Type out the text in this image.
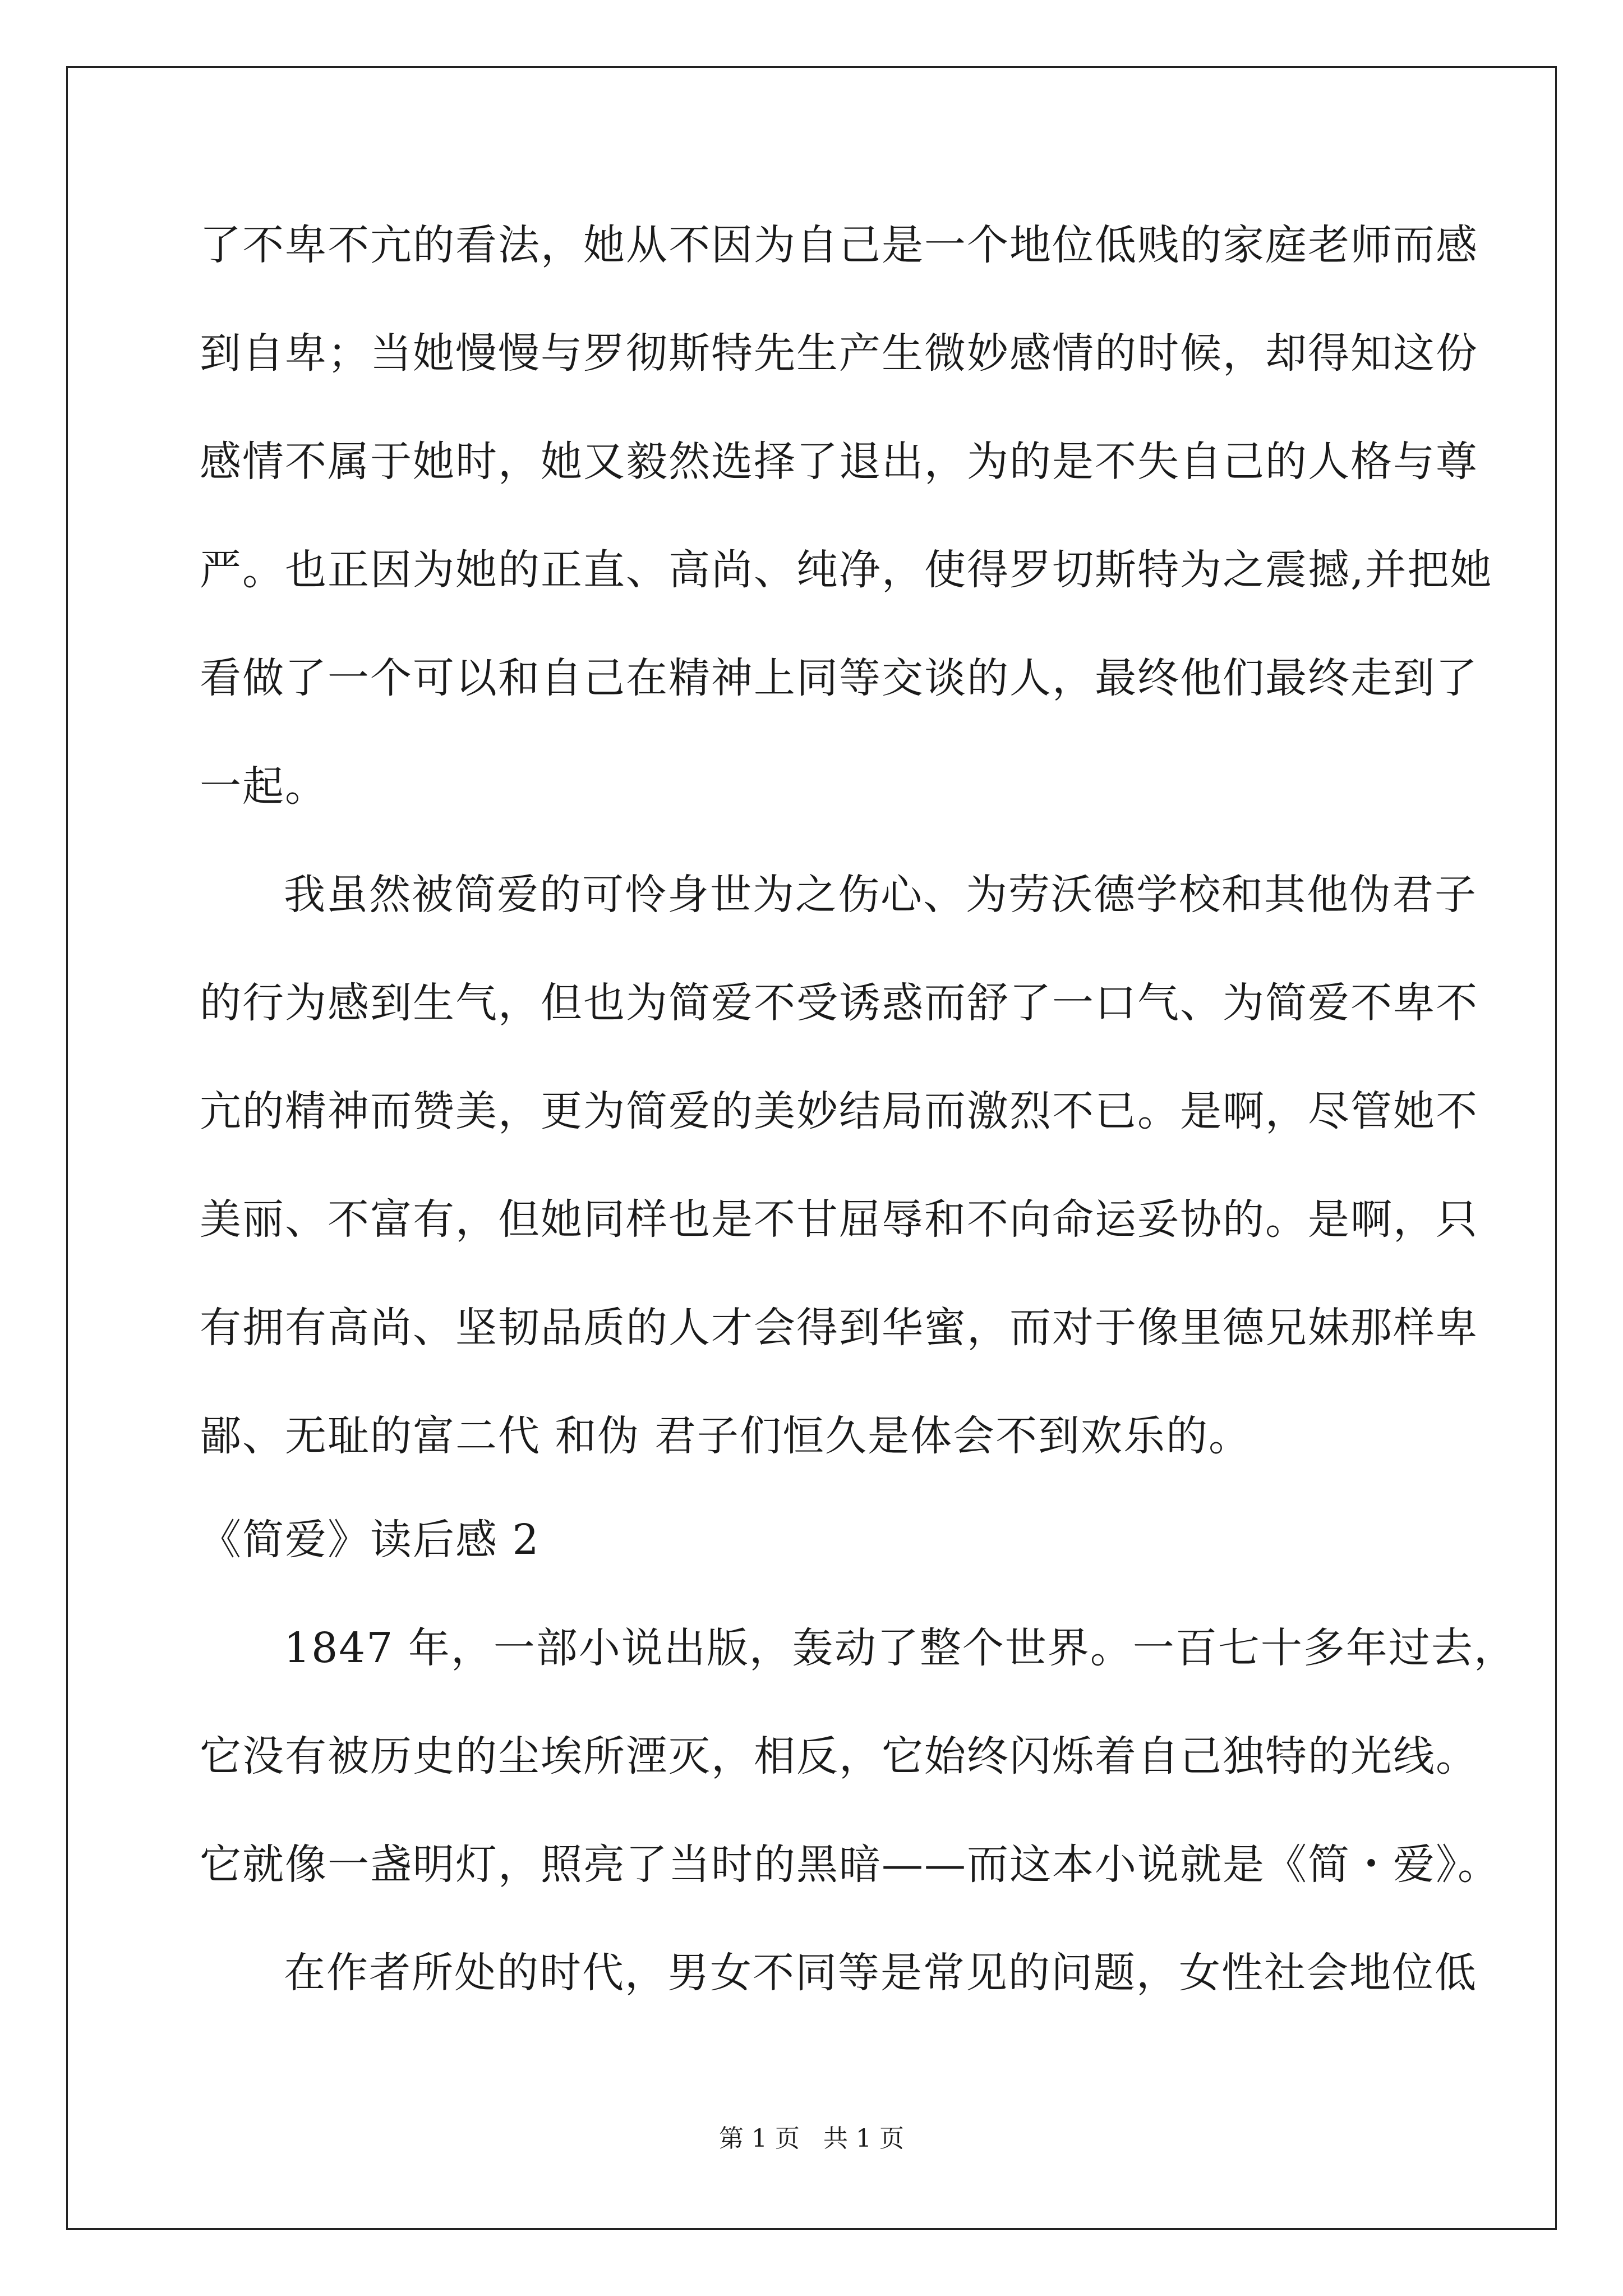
了不卑不亢的看法，她从不因为自己是一个地位低贱的家庭老师而感
到自卑；当她慢慢与罗彻斯特先生产生微妙感情的时候，却得知这份
感情不属于她时，她又毅然选择了退出，为的是不失自己的人格与尊
严。也正因为她的正直、高尚、纯净，使得罗切斯特为之震撼,并把她
看做了一个可以和自己在精神上同等交谈的人，最终他们最终走到了
一起。
我虽然被简爱的可怜身世为之伤心、为劳沃德学校和其他伪君子
的行为感到生气，但也为简爱不受诱惑而舒了一口气、为简爱不卑不
亢的精神而赞美，更为简爱的美妙结局而激烈不已。是啊，尽管她不
美丽、不富有，但她同样也是不甘屈辱和不向命运妥协的。是啊，只
有拥有高尚、坚韧品质的人才会得到华蜜，而对于像里德兄妹那样卑
鄙、无耻的富二代 和伪 君子们恒久是体会不到欢乐的。
《简爱》读后感 2
1847 年，一部小说出版，轰动了整个世界。一百七十多年过去，
它没有被历史的尘埃所湮灭，相反，它始终闪烁着自己独特的光线。
它就像一盏明灯，照亮了当时的黑暗——而这本小说就是《简・爱》。
在作者所处的时代，男女不同等是常见的问题，女性社会地位低
第 1 页 共 1 页
